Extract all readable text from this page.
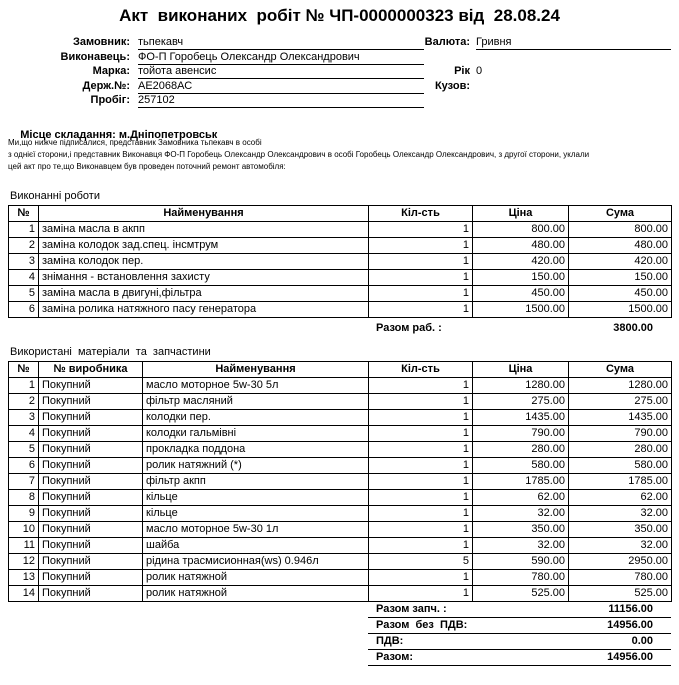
Акт  виконаних  робіт № ЧП-0000000323 від  28.08.24
Замовник: тьпекавч	Валюта: Гривня
Виконавець: ФО-П Горобець Олександр Олександрович
Марка: тойота авенсис	Рік 0
Держ.№: АЕ2068АС	Кузов:
Пробіг: 257102

Місце складання: м.Дніпопетровськ

Ми,що нижче підписалися, представник Замовника тьпекавч в особі
з однієї сторони,і представник Виконавця ФО-П Горобець Олександр Олександрович в особі Горобець Олександр Олександрович, з другої сторони, уклали
цей акт про те,що Виконавцем був проведен поточний ремонт автомобіля:
Виконанні роботи
№	Найменування	Кіл-сть	Ціна	Сума
1	заміна масла в акпп	1	800.00	800.00
2	заміна колодок зад.спец. інсмтрум	1	480.00	480.00
3	заміна колодок пер.	1	420.00	420.00
4	знімання - встановлення захисту	1	150.00	150.00
5	заміна масла в двигуні,фільтра	1	450.00	450.00
6	заміна ролика натяжного пасу генератора	1	1500.00	1500.00
Разом раб. :	3800.00
Використані  матеріали  та  запчастини
№	№ виробника	Найменування	Кіл-сть	Ціна	Сума
1	Покупний	масло моторное 5w-30 5л	1	1280.00	1280.00
2	Покупний	фільтр масляний	1	275.00	275.00
3	Покупний	колодки пер.	1	1435.00	1435.00
4	Покупний	колодки гальмівні	1	790.00	790.00
5	Покупний	прокладка поддона	1	280.00	280.00
6	Покупний	ролик натяжний (*)	1	580.00	580.00
7	Покупний	фільтр акпп	1	1785.00	1785.00
8	Покупний	кільце	1	62.00	62.00
9	Покупний	кільце	1	32.00	32.00
10	Покупний	масло моторное 5w-30 1л	1	350.00	350.00
11	Покупний	шайба	1	32.00	32.00
12	Покупний	рідина трасмисионная(ws) 0.946л	5	590.00	2950.00
13	Покупний	ролик натяжной	1	780.00	780.00
14	Покупний	ролик натяжной	1	525.00	525.00
Разом запч. :	11156.00
Разом  без  ПДВ:	14956.00
ПДВ:	0.00
Разом:	14956.00
